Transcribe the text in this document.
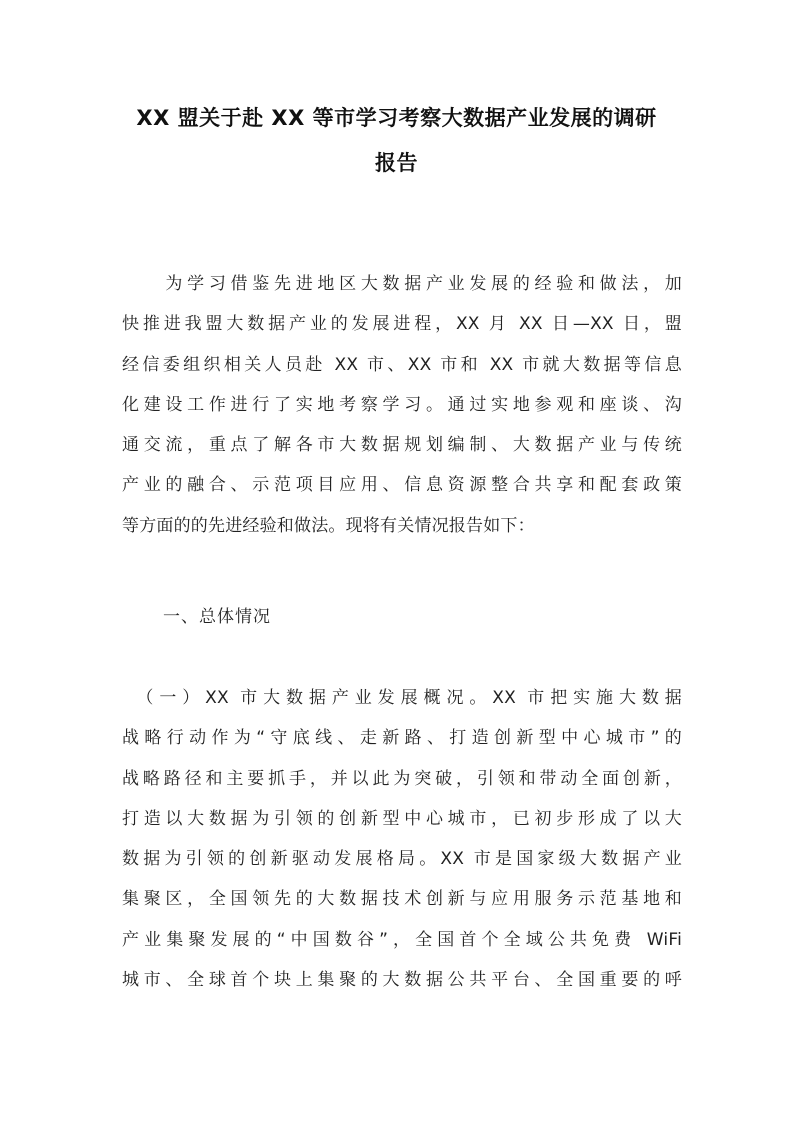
XX 盟关于赴 XX 等市学习考察大数据产业发展的调研
报告
　　为学习借鉴先进地区大数据产业发展的经验和做法，加
快推进我盟大数据产业的发展进程，XX 月 XX 日—XX 日，盟
经信委组织相关人员赴 XX 市、XX 市和 XX 市就大数据等信息
化建设工作进行了实地考察学习。通过实地参观和座谈、沟
通交流，重点了解各市大数据规划编制、大数据产业与传统
产业的融合、示范项目应用、信息资源整合共享和配套政策
等方面的的先进经验和做法。现将有关情况报告如下：
一、总体情况
　（一）XX 市大数据产业发展概况。XX 市把实施大数据
战略行动作为“守底线、走新路、打造创新型中心城市”的
战略路径和主要抓手，并以此为突破，引领和带动全面创新，
打造以大数据为引领的创新型中心城市，已初步形成了以大
数据为引领的创新驱动发展格局。XX 市是国家级大数据产业
集聚区，全国领先的大数据技术创新与应用服务示范基地和
产业集聚发展的“中国数谷”，全国首个全域公共免费 WiFi
城市、全球首个块上集聚的大数据公共平台、全国重要的呼
